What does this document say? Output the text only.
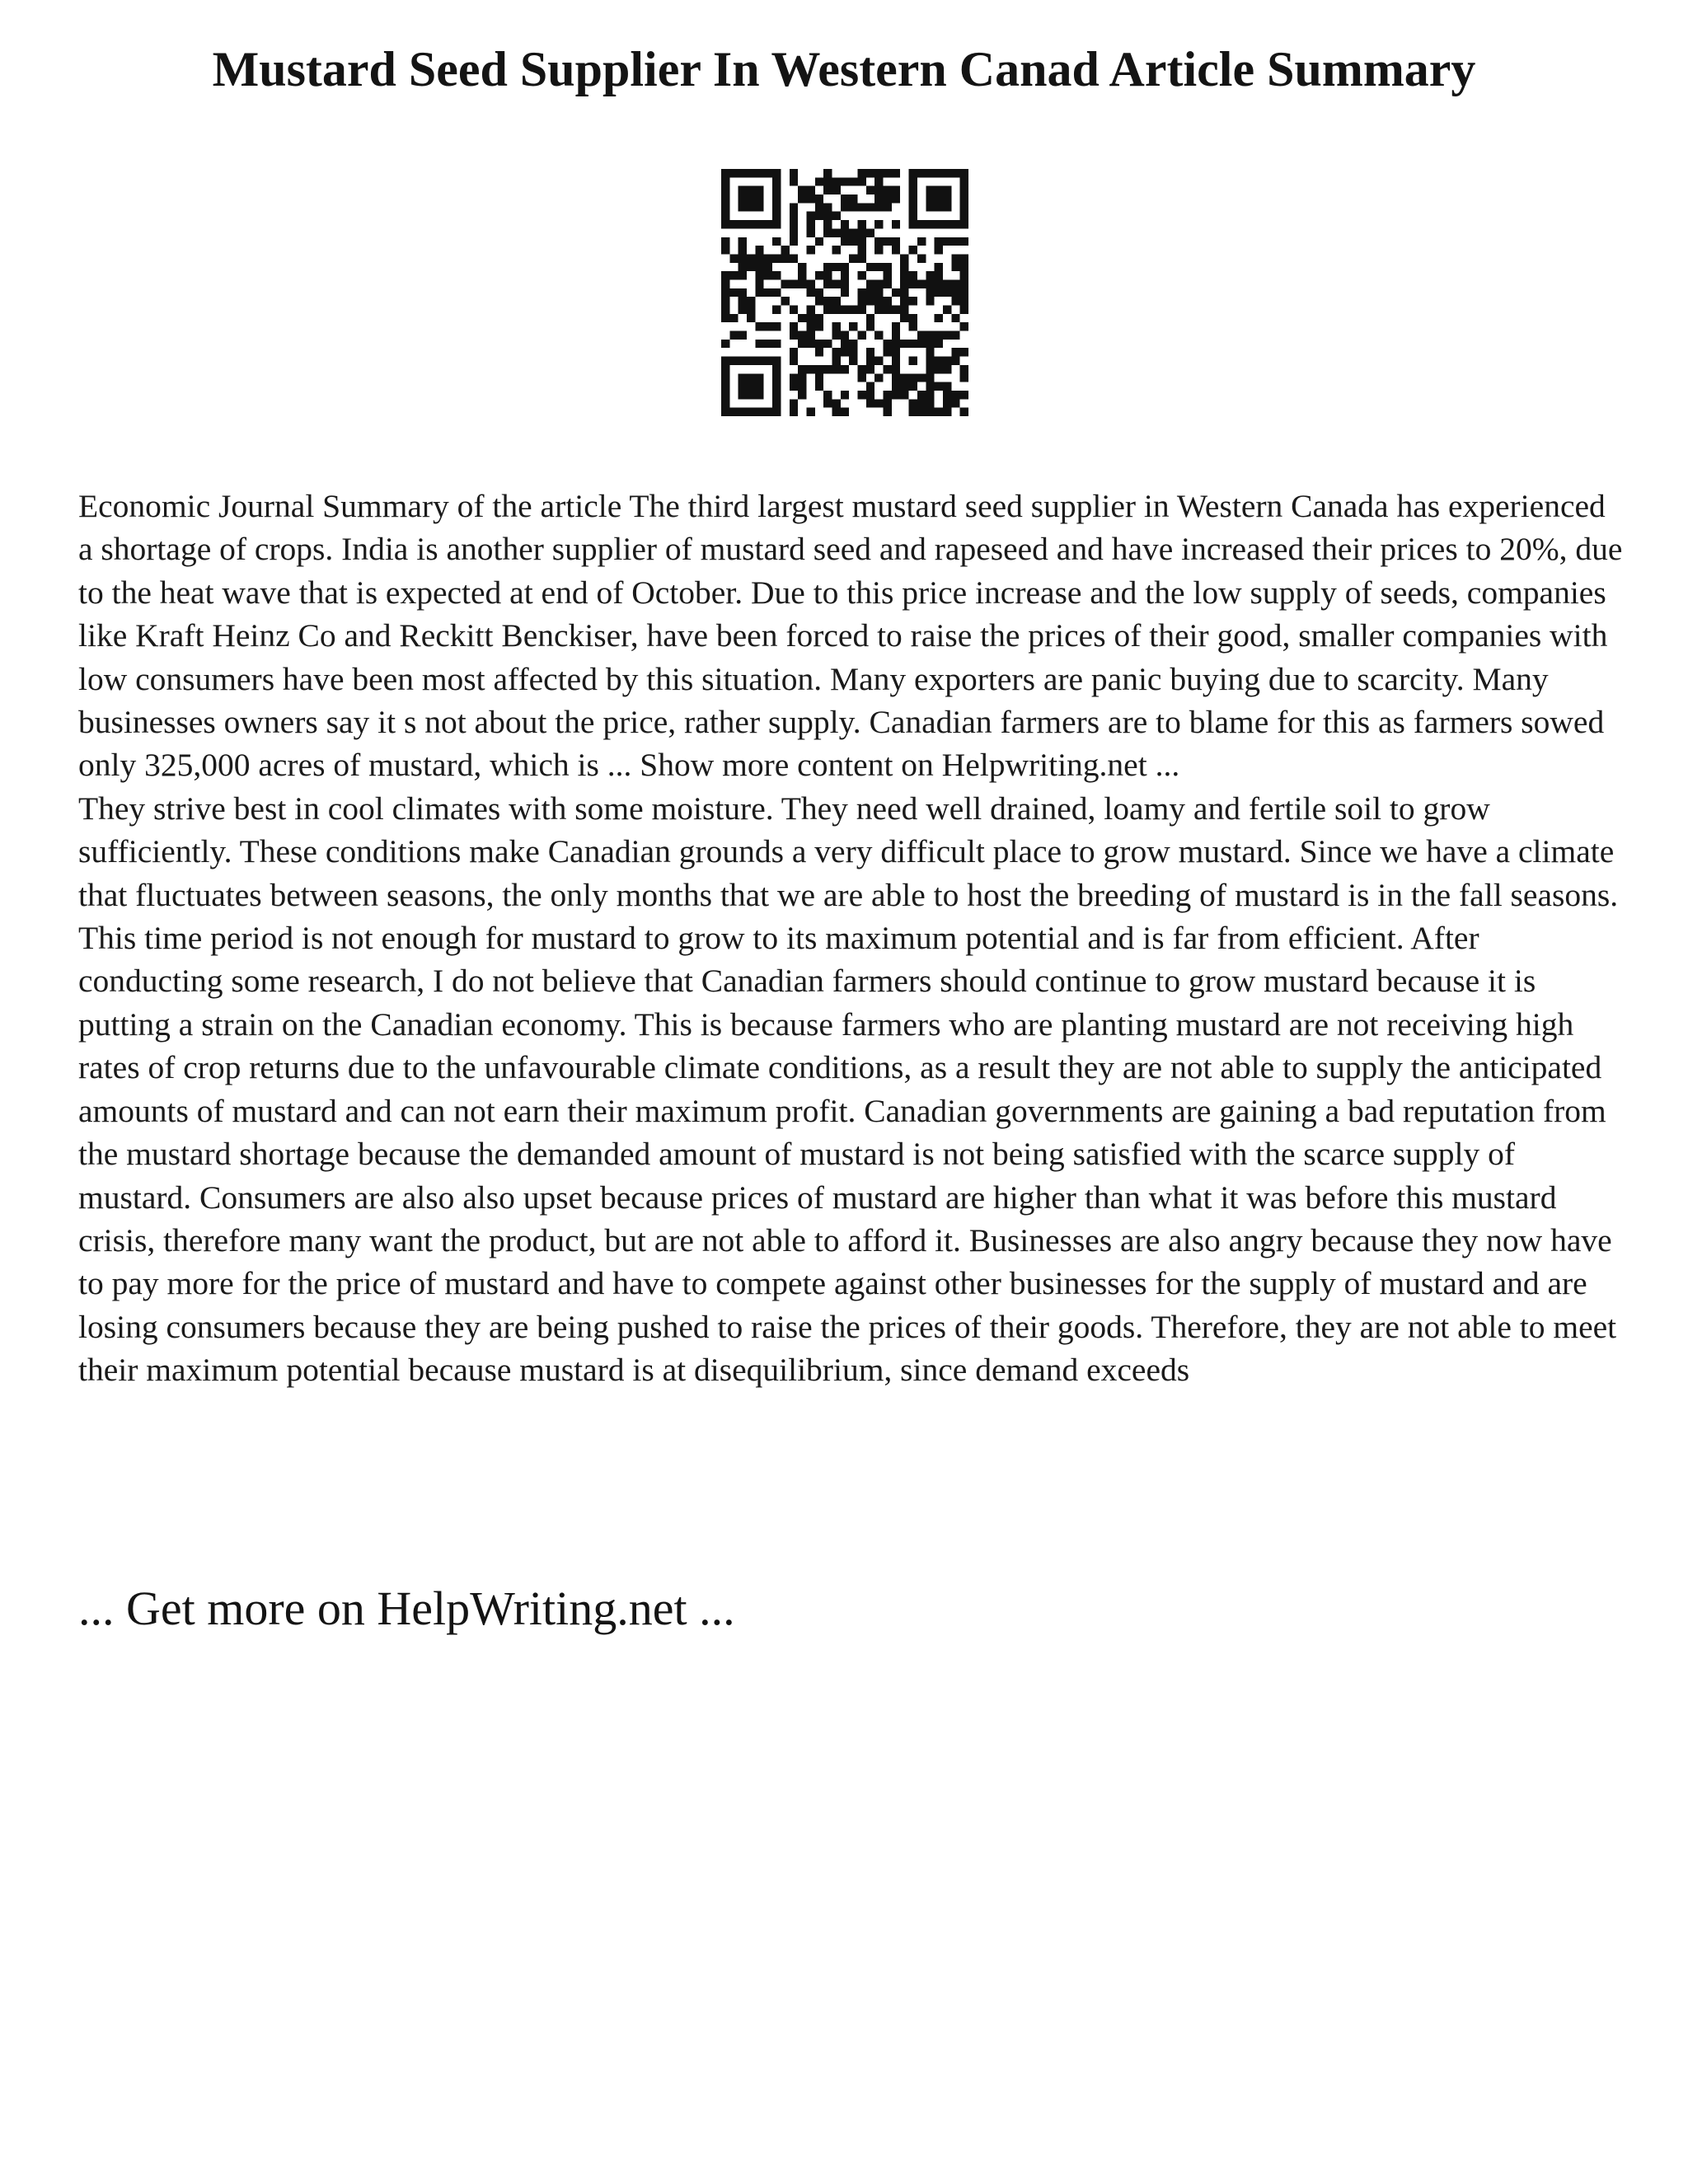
Mustard Seed Supplier In Western Canad Article Summary

Economic Journal Summary of the article The third largest mustard seed supplier in Western Canada has experienced a shortage of crops. India is another supplier of mustard seed and rapeseed and have increased their prices to 20%, due to the heat wave that is expected at end of October. Due to this price increase and the low supply of seeds, companies like Kraft Heinz Co and Reckitt Benckiser, have been forced to raise the prices of their good, smaller companies with low consumers have been most affected by this situation. Many exporters are panic buying due to scarcity. Many businesses owners say it s not about the price, rather supply. Canadian farmers are to blame for this as farmers sowed only 325,000 acres of mustard, which is ... Show more content on Helpwriting.net ...

They strive best in cool climates with some moisture. They need well drained, loamy and fertile soil to grow sufficiently. These conditions make Canadian grounds a very difficult place to grow mustard. Since we have a climate that fluctuates between seasons, the only months that we are able to host the breeding of mustard is in the fall seasons. This time period is not enough for mustard to grow to its maximum potential and is far from efficient. After conducting some research, I do not believe that Canadian farmers should continue to grow mustard because it is putting a strain on the Canadian economy. This is because farmers who are planting mustard are not receiving high rates of crop returns due to the unfavourable climate conditions, as a result they are not able to supply the anticipated amounts of mustard and can not earn their maximum profit. Canadian governments are gaining a bad reputation from the mustard shortage because the demanded amount of mustard is not being satisfied with the scarce supply of mustard. Consumers are also also upset because prices of mustard are higher than what it was before this mustard crisis, therefore many want the product, but are not able to afford it. Businesses are also angry because they now have to pay more for the price of mustard and have to compete against other businesses for the supply of mustard and are losing consumers because they are being pushed to raise the prices of their goods. Therefore, they are not able to meet their maximum potential because mustard is at disequilibrium, since demand exceeds

... Get more on HelpWriting.net ...
